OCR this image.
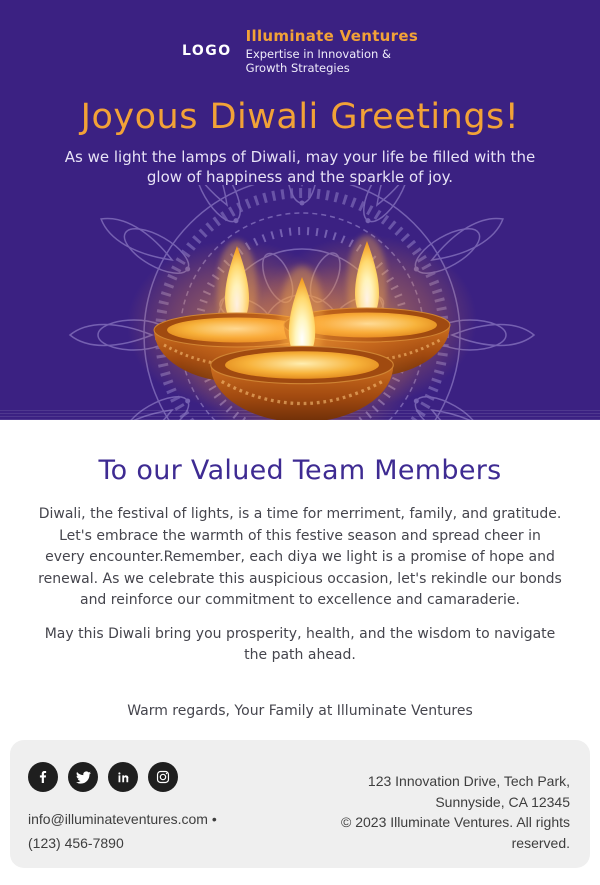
LOGO
Illuminate Ventures
Expertise in Innovation &
Growth Strategies
Joyous Diwali Greetings!

As we light the lamps of Diwali, may your life be filled with the glow of happiness and the sparkle of joy.

To our Valued Team Members

Diwali, the festival of lights, is a time for merriment, family, and gratitude. Let's embrace the warmth of this festive season and spread cheer in every encounter.Remember, each diya we light is a promise of hope and renewal. As we celebrate this auspicious occasion, let's rekindle our bonds and reinforce our commitment to excellence and camaraderie.

May this Diwali bring you prosperity, health, and the wisdom to navigate the path ahead.

Warm regards, Your Family at Illuminate Ventures

info@illuminateventures.com •
(123) 456-7890
123 Innovation Drive, Tech Park,
Sunnyside, CA 12345
© 2023 Illuminate Ventures. All rights reserved.
